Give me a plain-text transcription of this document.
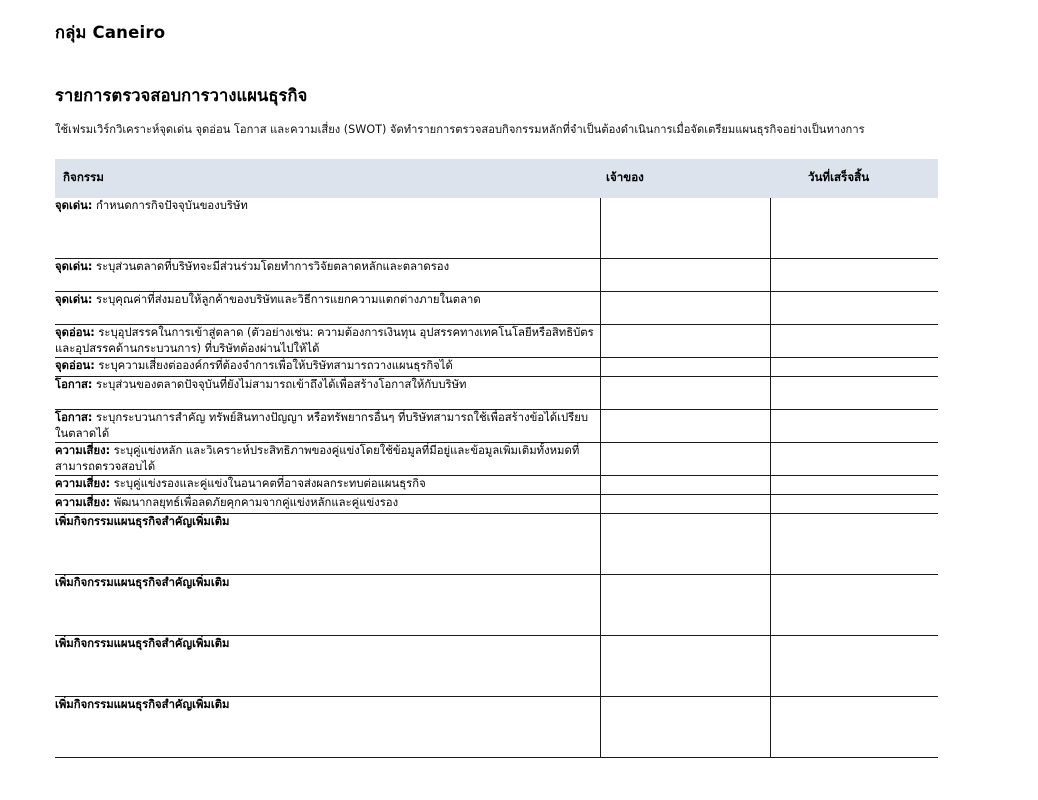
กลุ่ม Caneiro
รายการตรวจสอบการวางแผนธุรกิจ

ใช้เฟรมเวิร์กวิเคราะห์จุดเด่น จุดอ่อน โอกาส และความเสี่ยง (SWOT) จัดทำรายการตรวจสอบกิจกรรมหลักที่จำเป็นต้องดำเนินการเมื่อจัดเตรียมแผนธุรกิจอย่างเป็นทางการ

กิจกรรม	เจ้าของ	วันที่เสร็จสิ้น
จุดเด่น: กำหนดการกิจปัจจุบันของบริษัท		
จุดเด่น: ระบุส่วนตลาดที่บริษัทจะมีส่วนร่วมโดยทำการวิจัยตลาดหลักและตลาดรอง		
จุดเด่น: ระบุคุณค่าที่ส่งมอบให้ลูกค้าของบริษัทและวิธีการแยกความแตกต่างภายในตลาด		
จุดอ่อน: ระบุอุปสรรคในการเข้าสู่ตลาด (ตัวอย่างเช่น: ความต้องการเงินทุน อุปสรรคทางเทคโนโลยีหรือสิทธิบัตร และอุปสรรคด้านกระบวนการ) ที่บริษัทต้องผ่านไปให้ได้		
จุดอ่อน: ระบุความเสี่ยงต่อองค์กรที่ต้องจำการเพื่อให้บริษัทสามารถวางแผนธุรกิจได้		
โอกาส: ระบุส่วนของตลาดปัจจุบันที่ยังไม่สามารถเข้าถึงได้เพื่อสร้างโอกาสให้กับบริษัท		
โอกาส: ระบุกระบวนการสำคัญ ทรัพย์สินทางปัญญา หรือทรัพยากรอื่นๆ ที่บริษัทสามารถใช้เพื่อสร้างข้อได้เปรียบในตลาดได้		
ความเสี่ยง: ระบุคู่แข่งหลัก และวิเคราะห์ประสิทธิภาพของคู่แข่งโดยใช้ข้อมูลที่มีอยู่และข้อมูลเพิ่มเติมทั้งหมดที่สามารถตรวจสอบได้		
ความเสี่ยง: ระบุคู่แข่งรองและคู่แข่งในอนาคตที่อาจส่งผลกระทบต่อแผนธุรกิจ		
ความเสี่ยง: พัฒนากลยุทธ์เพื่อลดภัยคุกคามจากคู่แข่งหลักและคู่แข่งรอง		
เพิ่มกิจกรรมแผนธุรกิจสำคัญเพิ่มเติม		
เพิ่มกิจกรรมแผนธุรกิจสำคัญเพิ่มเติม		
เพิ่มกิจกรรมแผนธุรกิจสำคัญเพิ่มเติม		
เพิ่มกิจกรรมแผนธุรกิจสำคัญเพิ่มเติม		
